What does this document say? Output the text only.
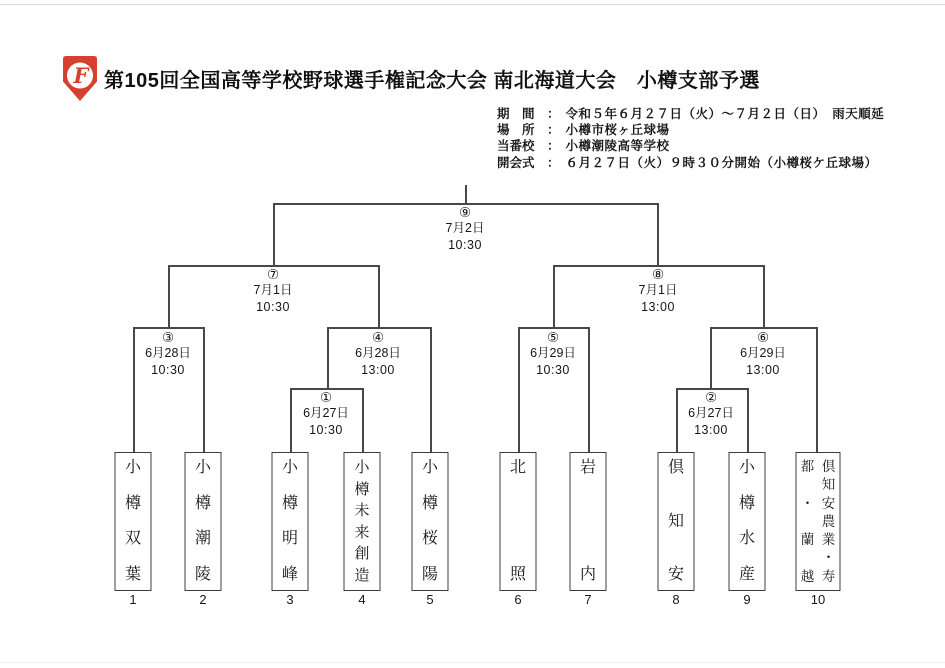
F 第105回全国高等学校野球選手権記念大会 南北海道大会　小樽支部予選
期　間　： 令和５年６月２７日（火）～７月２日（日）　雨天順延
場　所　： 小樽市桜ヶ丘球場
当番校　： 小樽潮陵高等学校
開会式　： ６月２７日（火）９時３０分開始（小樽桜ケ丘球場）
①
6月27日
10:30
②
6月27日
13:00
③
6月28日
10:30
④
6月28日
13:00
⑤
6月29日
10:30
⑥
6月29日
13:00
⑦
7月1日
10:30
⑧
7月1日
13:00
⑨
7月2日
10:30
小
樽
双
葉
1
小
樽
潮
陵
2
小
樽
明
峰
3
小
樽
未
来
創
造
4
小
樽
桜
陽
5
北
照
6
岩
内
7
倶
知
安
8
小
樽
水
産
9
倶
知
安
農
業
・
寿
都
・
蘭
越
10
